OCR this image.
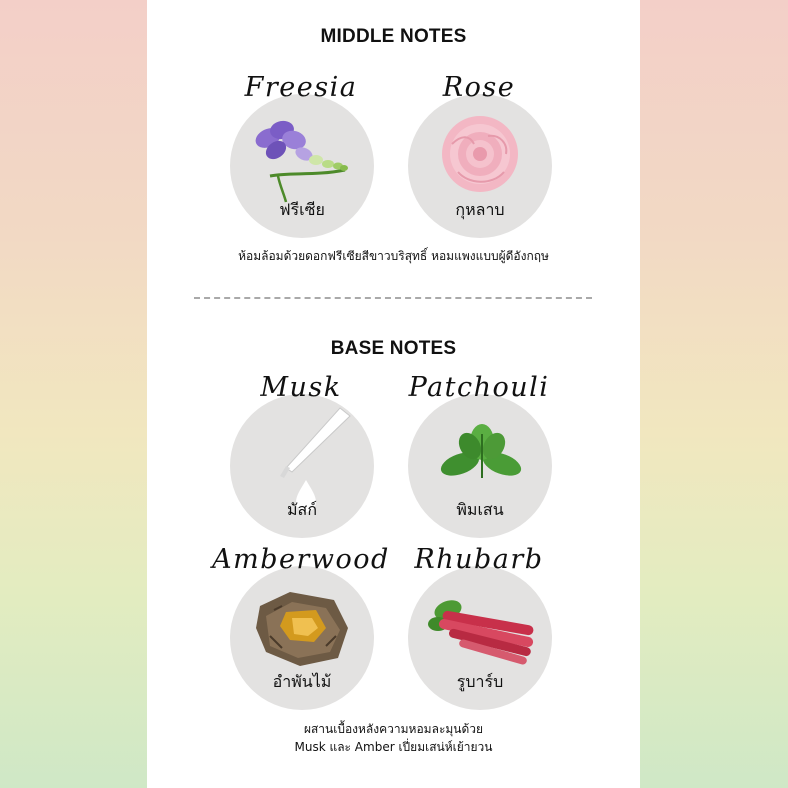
MIDDLE NOTES
Freesia
ฟรีเซีย
Rose
กุหลาบ
ห้อมล้อมด้วยดอกฟรีเซียสีขาวบริสุทธิ์ หอมแพงแบบผู้ดีอังกฤษ
BASE NOTES
Musk
มัสก์
Patchouli
พิมเสน
Amberwood
อำพันไม้
Rhubarb
รูบาร์บ
ผสานเบื้องหลังความหอมละมุนด้วย
Musk และ Amber เปี่ยมเสน่ห์เย้ายวน
